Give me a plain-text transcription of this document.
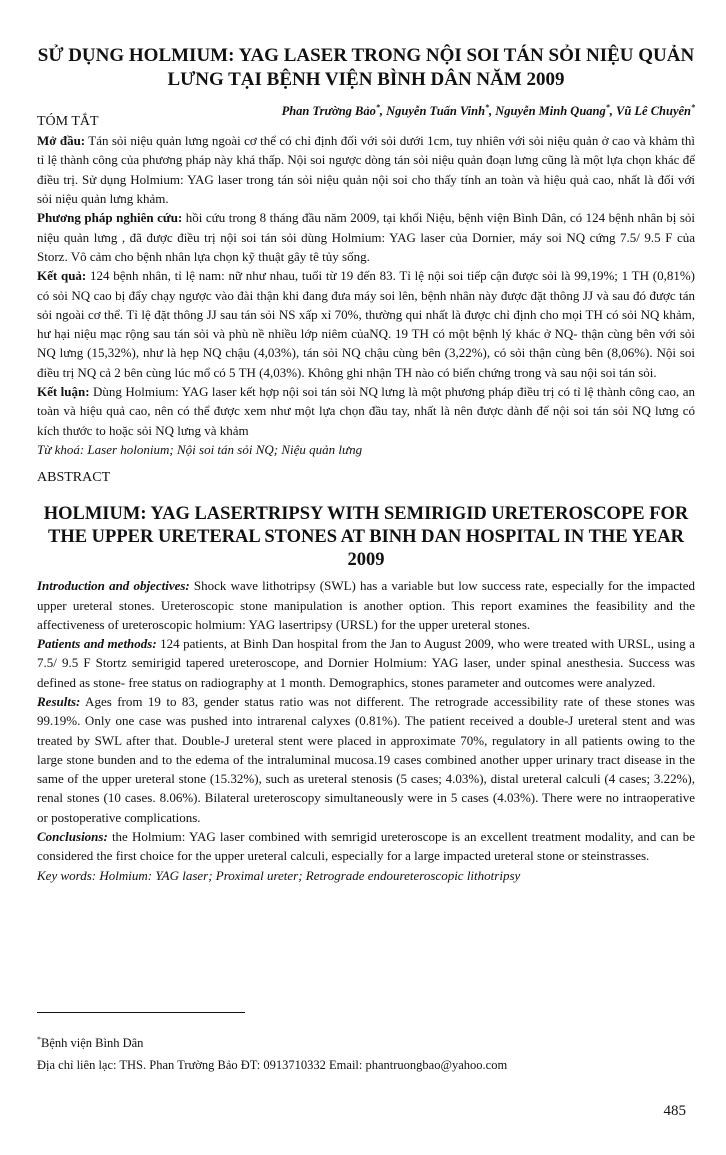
SỬ DỤNG HOLMIUM: YAG LASER TRONG NỘI SOI TÁN SỎI NIỆU QUẢN LƯNG TẠI BỆNH VIỆN BÌNH DÂN NĂM 2009
Phan Trường Bảo*, Nguyễn Tuấn Vinh*, Nguyễn Minh Quang*, Vũ Lê Chuyên*
TÓM TẮT

Mở đầu: Tán sỏi niệu quản lưng ngoài cơ thể có chỉ định đối với sỏi dưới 1cm, tuy nhiên với sỏi niệu quản ở cao và khảm thì tỉ lệ thành công của phương pháp này khá thấp. Nội soi ngược dòng tán sỏi niệu quản đoạn lưng cũng là một lựa chọn khác để điều trị. Sử dụng Holmium: YAG laser trong tán sỏi niệu quản nội soi cho thấy tính an toàn và hiệu quả cao, nhất là đối với sỏi niệu quản lưng khảm.

Phương pháp nghiên cứu: hồi cứu trong 8 tháng đầu năm 2009, tại khối Niệu, bệnh viện Bình Dân, có 124 bệnh nhân bị sỏi niệu quản lưng , đã được điều trị nội soi tán sỏi dùng Holmium: YAG laser của Dornier, máy soi NQ cứng 7.5/ 9.5 F của Storz. Vô cảm cho bệnh nhân lựa chọn kỹ thuật gây tê tủy sống.

Kết quả: 124 bệnh nhân, tỉ lệ nam: nữ như nhau, tuổi từ 19 đến 83. Tỉ lệ nội soi tiếp cận được sỏi là 99,19%; 1 TH (0,81%) có sỏi NQ cao bị đẩy chạy ngược vào đài thận khi đang đưa máy soi lên, bệnh nhân này được đặt thông JJ và sau đó được tán sỏi ngoài cơ thể. Tỉ lệ đặt thông JJ sau tán sỏi NS xấp xỉ 70%, thường qui nhất là được chỉ định cho mọi TH có sỏi NQ khảm, hư hại niệu mạc rộng sau tán sỏi và phù nề nhiều lớp niêm củaNQ. 19 TH có một bệnh lý khác ở NQ- thận cùng bên với sỏi NQ lưng (15,32%), như là hẹp NQ chậu (4,03%), tán sỏi NQ chậu cùng bên (3,22%), có sỏi thận cùng bên (8,06%). Nội soi điều trị NQ cả 2 bên cùng lúc mổ có 5 TH (4,03%). Không ghi nhận TH nào có biến chứng trong và sau nội soi tán sỏi.

Kết luận: Dùng Holmium: YAG laser kết hợp nội soi tán sỏi NQ lưng là một phương pháp điều trị có tỉ lệ thành công cao, an toàn và hiệu quả cao, nên có thể được xem như một lựa chọn đầu tay, nhất là nên được dành để nội soi tán sỏi NQ lưng có kích thước to hoặc sỏi NQ lưng và khảm

Từ khoá: Laser holonium; Nội soi tán sỏi NQ; Niệu quản lưng

ABSTRACT
HOLMIUM: YAG LASERTRIPSY WITH SEMIRIGID URETEROSCOPE FOR THE UPPER URETERAL STONES AT BINH DAN HOSPITAL IN THE YEAR 2009

Introduction and objectives: Shock wave lithotripsy (SWL) has a variable but low success rate, especially for the impacted upper ureteral stones. Ureteroscopic stone manipulation is another option. This report examines the feasibility and the affectiveness of ureteroscopic holmium: YAG lasertripsy (URSL) for the upper ureteral stones.

Patients and methods: 124 patients, at Binh Dan hospital from the Jan to August 2009, who were treated with URSL, using a 7.5/ 9.5 F Stortz semirigid tapered ureteroscope, and Dornier Holmium: YAG laser, under spinal anesthesia. Success was defined as stone- free status on radiography at 1 month. Demographics, stones parameter and outcomes were analyzed.

Results: Ages from 19 to 83, gender status ratio was not different. The retrograde accessibility rate of these stones was 99.19%. Only one case was pushed into intrarenal calyxes (0.81%). The patient received a double-J ureteral stent and was treated by SWL after that. Double-J ureteral stent were placed in approximate 70%, regulatory in all patients owing to the large stone bunden and to the edema of the intraluminal mucosa.19 cases combined another upper urinary tract disease in the same of the upper ureteral stone (15.32%), such as ureteral stenosis (5 cases; 4.03%), distal ureteral calculi (4 cases; 3.22%), renal stones (10 cases. 8.06%). Bilateral ureteroscopy simultaneously were in 5 cases (4.03%). There were no intraoperative or postoperative complications.

Conclusions: the Holmium: YAG laser combined with semrigid ureteroscope is an excellent treatment modality, and can be considered the first choice for the upper ureteral calculi, especially for a large impacted ureteral stone or steinstrasses.

Key words: Holmium: YAG laser; Proximal ureter; Retrograde endoureteroscopic lithotripsy

*Bệnh viện Bình Dân
Địa chỉ liên lạc: THS. Phan Trường Bảo ĐT: 0913710332 Email: phantruongbao@yahoo.com
485
